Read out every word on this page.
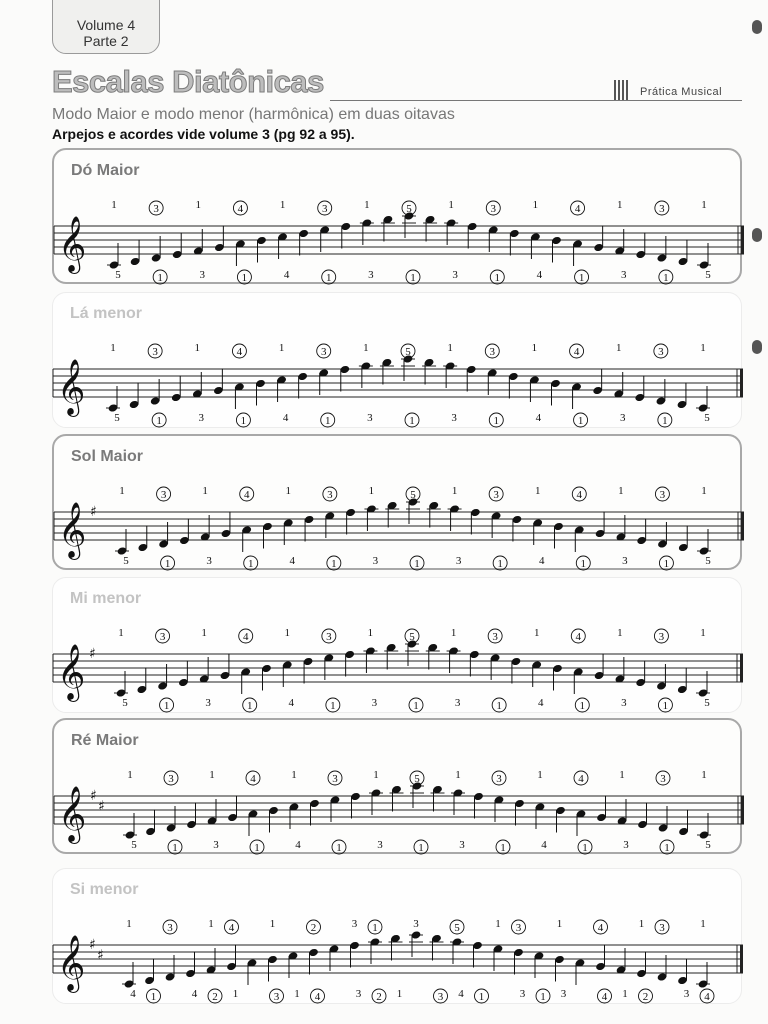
Volume 4
Parte 2
Escalas Diatônicas	Prática Musical
Modo Maior e modo menor (harmônica) em duas oitavas
Arpejos e acordes vide volume 3 (pg 92 a 95).
Dó Maior
𝄞
1	3	1	4	1	3	1	5	1	3	1	4	1	3	1
5	1	3	1	4	1	3	1	3	1	4	1	3	1	5
Lá menor
𝄞
1	3	1	4	1	3	1	5	1	3	1	4	1	3	1
5	1	3	1	4	1	3	1	3	1	4	1	3	1	5
Sol Maior
𝄞 ♯
1	3	1	4	1	3	1	5	1	3	1	4	1	3	1
5	1	3	1	4	1	3	1	3	1	4	1	3	1	5
Mi menor
𝄞 ♯
1	3	1	4	1	3	1	5	1	3	1	4	1	3	1
5	1	3	1	4	1	3	1	3	1	4	1	3	1	5
Ré Maior
𝄞 ♯
♯
1	3	1	4	1	3	1	5	1	3	1	4	1	3	1
5	1	3	1	4	1	3	1	3	1	4	1	3	1	5
Si menor
𝄞 ♯
♯
1	3	1 4	1	2	3 1	3	5	1 3	1	4	1 3	1
4 1	4 2 1	3 1 4	3 2 1	3 4 1	3 1 3	4 1 2	3 4
